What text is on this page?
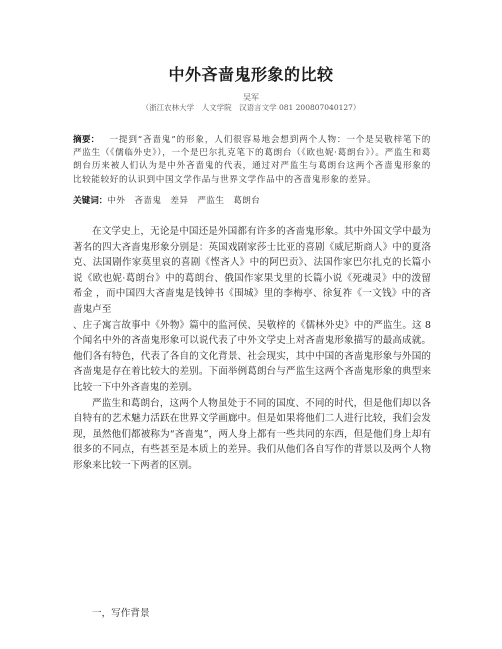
中外吝啬鬼形象的比较
吴军
（浙江农林大学　人文学院　汉语言文学 081 200807040127）
摘要： 一提到“吝啬鬼”的形象，人们很容易地会想到两个人物：一个是吴敬梓笔下的严监生（《儒临外史》），一个是巴尔扎克笔下的葛朗台（《欧也妮·葛朗台》）。严监生和葛朗台历来被人们认为是中外吝啬鬼的代表，通过对严监生与葛朗台这两个吝啬鬼形象的比较能较好的认识到中国文学作品与世界文学作品中的吝啬鬼形象的差异。
关键词：中外　吝啬鬼　差异　严监生　葛朗台

在文学史上，无论是中国还是外国都有许多的吝啬鬼形象。其中外国文学中最为著名的四大吝啬鬼形象分别是：英国戏剧家莎士比亚的喜剧《威尼斯商人》中的夏洛克、法国剧作家莫里哀的喜剧《悭吝人》中的阿巴贡》、法国作家巴尔扎克的长篇小说《欧也妮·葛朗台》中的葛朗台、俄国作家果戈里的长篇小说《死魂灵》中的泼留希金 ，而中国四大吝啬鬼是钱钟书《围城》里的李梅亭、徐复祚《一文钱》中的吝啬鬼卢至

、庄子寓言故事中《外物》篇中的监河侯、吴敬梓的《儒林外史》中的严监生。这 8 个闻名中外的吝啬鬼形象可以说代表了中外文学史上对吝啬鬼形象描写的最高成就。他们各有特色，代表了各自的文化背景、社会现实，其中中国的吝啬鬼形象与外国的吝啬鬼是存在着比较大的差别。下面举例葛朗台与严监生这两个吝啬鬼形象的典型来比较一下中外吝啬鬼的差别。

严监生和葛朗台，这两个人物虽处于不同的国度、不同的时代，但是他们却以各自特有的艺术魅力活跃在世界文学画廊中。但是如果将他们二人进行比较，我们会发现，虽然他们都被称为“吝啬鬼”，两人身上都有一些共同的东西，但是他们身上却有很多的不同点，有些甚至是本质上的差异。我们从他们各自写作的背景以及两个人物形象来比较一下两者的区别。

一，写作背景
